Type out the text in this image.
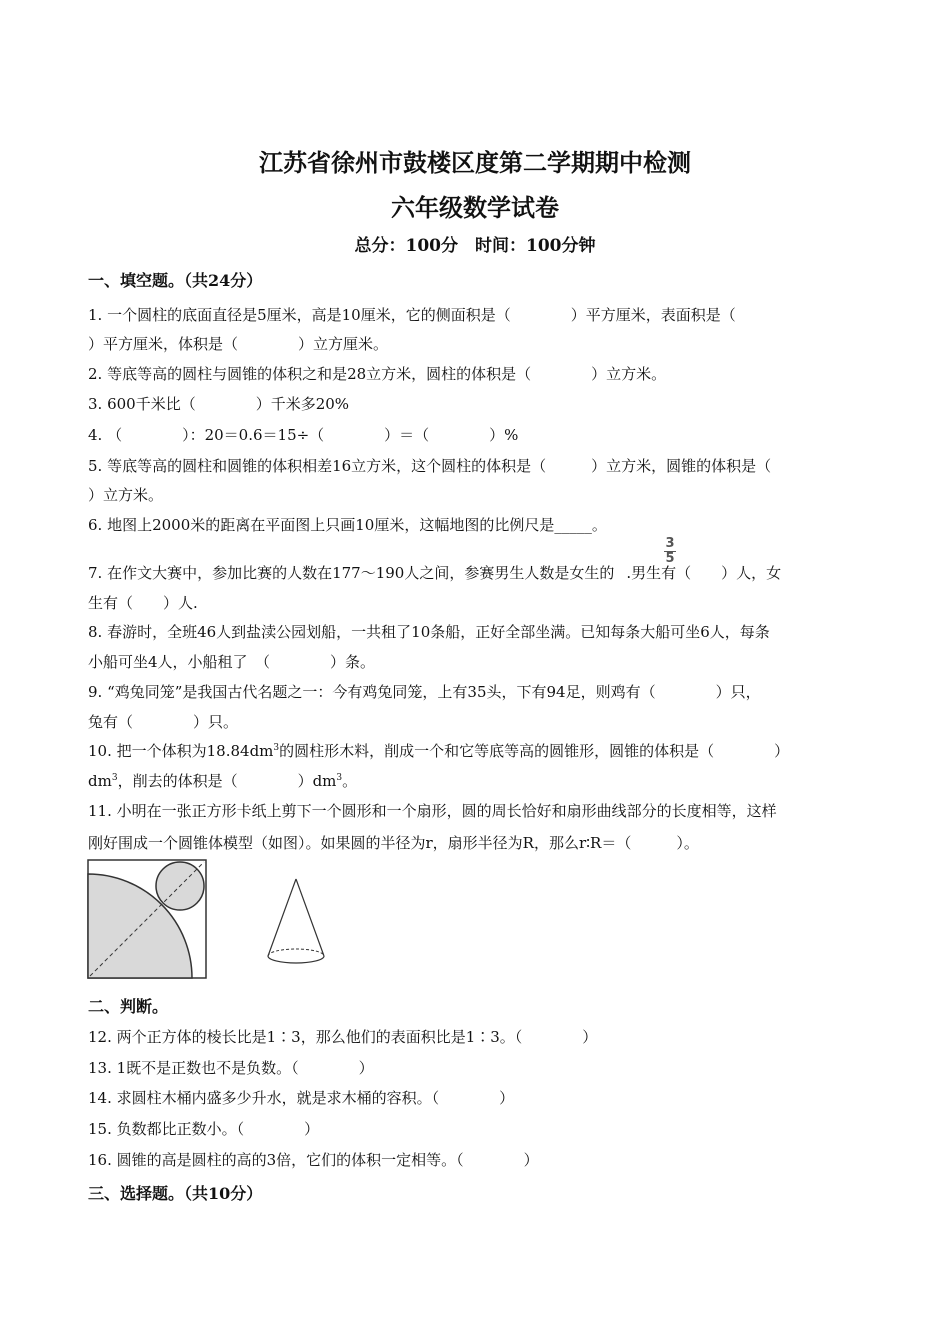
江苏省徐州市鼓楼区度第二学期期中检测
六年级数学试卷
总分：100分　时间：100分钟
一、填空题。（共24分）
1. 一个圆柱的底面直径是5厘米，高是10厘米，它的侧面积是（　　　　）平方厘米，表面积是（
）平方厘米，体积是（　　　　）立方厘米。
2. 等底等高的圆柱与圆锥的体积之和是28立方米，圆柱的体积是（　　　　）立方米。
3. 600千米比（　　　　）千米多20%
4. （　　　　）：20＝0.6＝15÷（　　　　）＝（　　　　）%
5. 等底等高的圆柱和圆锥的体积相差16立方米，这个圆柱的体积是（　　　）立方米，圆锥的体积是（
）立方米。
6. 地图上2000米的距离在平面图上只画10厘米，这幅地图的比例尺是_____。
7. 在作文大赛中，参加比赛的人数在177～190人之间，参赛男生人数是女生的 .男生有（　　）人，女
3
5
生有（　　）人.
8. 春游时，全班46人到盐渎公园划船，一共租了10条船，正好全部坐满。已知每条大船可坐6人，每条
小船可坐4人，小船租了　（　　　　）条。
9. “鸡兔同笼”是我国古代名题之一：今有鸡兔同笼，上有35头，下有94足，则鸡有（　　　　）只，
兔有（　　　　）只。
10. 把一个体积为$18.84dm^3$的圆柱形木料，削成一个和它等底等高的圆锥形，圆锥的体积是（　　　　）
$dm^3$，削去的体积是（　　　　）$dm^3$。
11. 小明在一张正方形卡纸上剪下一个圆形和一个扇形，圆的周长恰好和扇形曲线部分的长度相等，这样
刚好围成一个圆锥体模型（如图）。如果圆的半径为r，扇形半径为R，那么r∶R＝（　　　）。
二、判断。
12. 两个正方体的棱长比是1∶3，那么他们的表面积比是1∶3。（　　　　）
13. 1既不是正数也不是负数。（　　　　）
14. 求圆柱木桶内盛多少升水，就是求木桶的容积。（　　　　）
15. 负数都比正数小。（　　　　）
16. 圆锥的高是圆柱的高的3倍，它们的体积一定相等。（　　　　）
三、选择题。（共10分）
